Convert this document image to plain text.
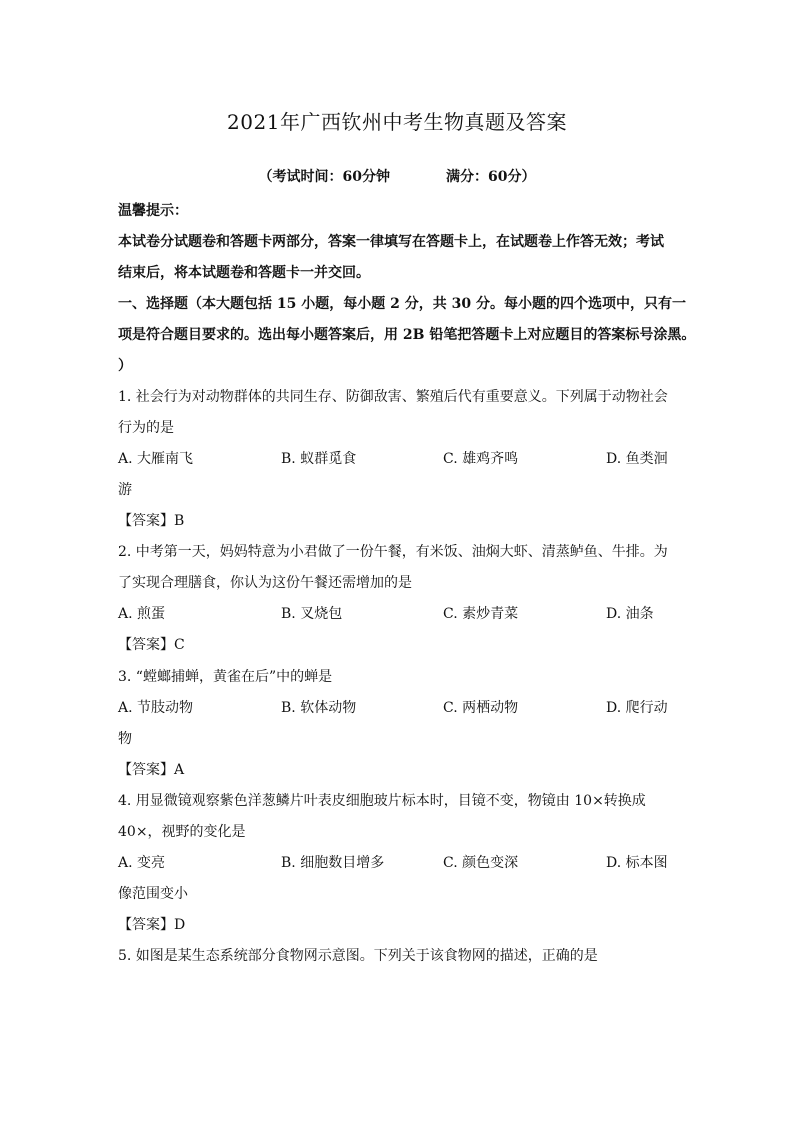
2021年广西钦州中考生物真题及答案
（考试时间：60分钟	满分：60分）
温馨提示：
本试卷分试题卷和答题卡两部分，答案一律填写在答题卡上，在试题卷上作答无效；考试
结束后，将本试题卷和答题卡一并交回。
一、选择题（本大题包括 15 小题，每小题 2 分，共 30 分。每小题的四个选项中，只有一
项是符合题目要求的。选出每小题答案后，用 2B 铅笔把答题卡上对应题目的答案标号涂黑。
）
1. 社会行为对动物群体的共同生存、防御敌害、繁殖后代有重要意义。下列属于动物社会
行为的是
A. 大雁南飞	B. 蚁群觅食	C. 雄鸡齐鸣	D. 鱼类洄
游
【答案】B
2. 中考第一天，妈妈特意为小君做了一份午餐，有米饭、油焖大虾、清蒸鲈鱼、牛排。为
了实现合理膳食，你认为这份午餐还需增加的是
A. 煎蛋	B. 叉烧包	C. 素炒青菜	D. 油条
【答案】C
3. “螳螂捕蝉，黄雀在后”中的蝉是
A. 节肢动物	B. 软体动物	C. 两栖动物	D. 爬行动
物
【答案】A
4. 用显微镜观察紫色洋葱鳞片叶表皮细胞玻片标本时，目镜不变，物镜由 10×转换成
40×，视野的变化是
A. 变亮	B. 细胞数目增多	C. 颜色变深	D. 标本图
像范围变小
【答案】D
5. 如图是某生态系统部分食物网示意图。下列关于该食物网的描述，正确的是
